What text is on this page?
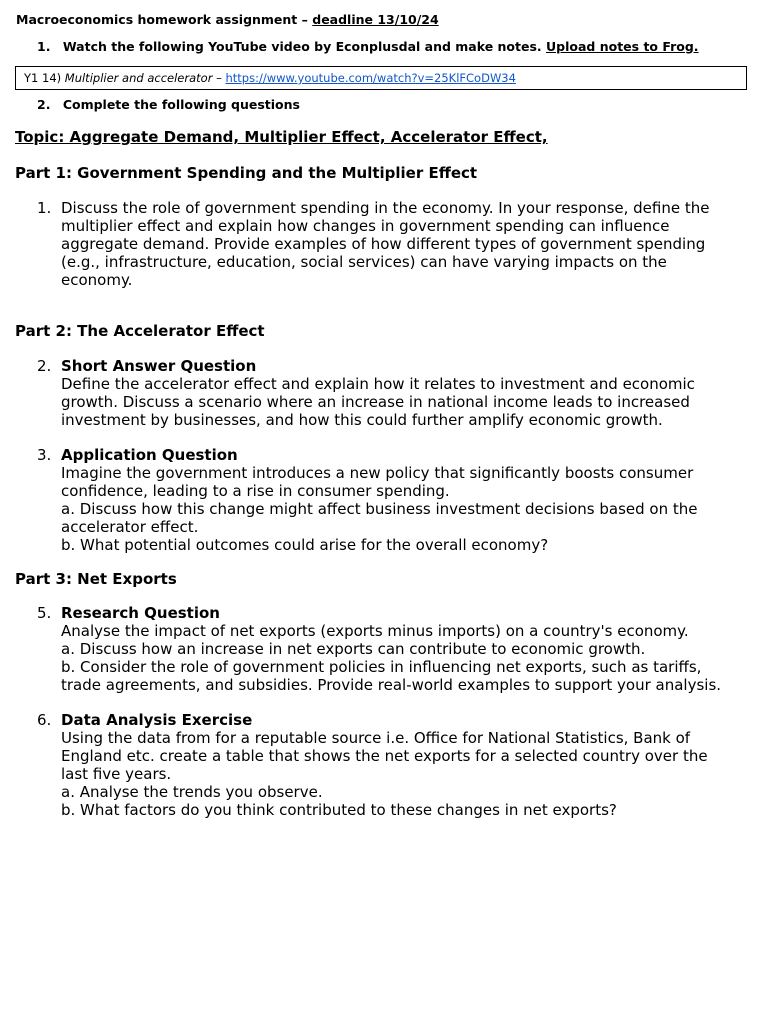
Macroeconomics homework assignment – deadline 13/10/24
1. Watch the following YouTube video by Econplusdal and make notes. Upload notes to Frog.
Y1 14) Multiplier and accelerator – https://www.youtube.com/watch?v=25KlFCoDW34
2. Complete the following questions
Topic: Aggregate Demand, Multiplier Effect, Accelerator Effect,
Part 1: Government Spending and the Multiplier Effect
1. Discuss the role of government spending in the economy. In your response, define the
multiplier effect and explain how changes in government spending can influence
aggregate demand. Provide examples of how different types of government spending
(e.g., infrastructure, education, social services) can have varying impacts on the
economy.
Part 2: The Accelerator Effect
2. Short Answer Question
Define the accelerator effect and explain how it relates to investment and economic
growth. Discuss a scenario where an increase in national income leads to increased
investment by businesses, and how this could further amplify economic growth.
3. Application Question
Imagine the government introduces a new policy that significantly boosts consumer
confidence, leading to a rise in consumer spending.
a. Discuss how this change might affect business investment decisions based on the
accelerator effect.
b. What potential outcomes could arise for the overall economy?
Part 3: Net Exports
5. Research Question
Analyse the impact of net exports (exports minus imports) on a country's economy.
a. Discuss how an increase in net exports can contribute to economic growth.
b. Consider the role of government policies in influencing net exports, such as tariffs,
trade agreements, and subsidies. Provide real-world examples to support your analysis.
6. Data Analysis Exercise
Using the data from for a reputable source i.e. Office for National Statistics, Bank of
England etc. create a table that shows the net exports for a selected country over the
last five years.
a. Analyse the trends you observe.
b. What factors do you think contributed to these changes in net exports?
